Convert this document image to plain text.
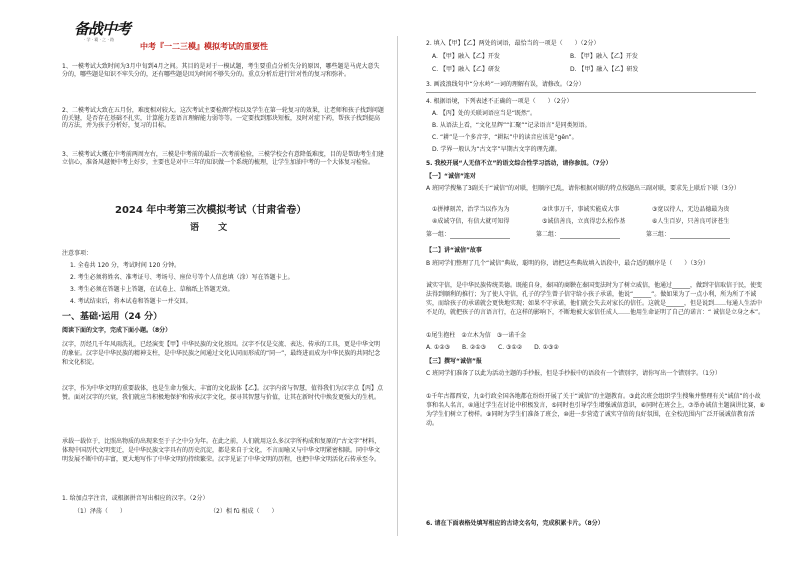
备战中考
· 学 · 霸 · 之 · 路
中考『一二三模』模拟考试的重要性
1、一模考试大致时间为3月中旬到4月之间。其目的是对于一模试题，考生要重点分析失分的原因，哪些题是马虎大意失分的，哪些题是知识不牢失分的，还有哪些题是因为时间不够失分的。重点分析后进行针对性的复习和弥补。
2、二模考试大致在五月份，难度相对较大。这次考试主要检测学校以及学生在第一轮复习的效果，让老师和孩子找到问题的关键，是否存在基础不扎实，计算能力差语言理解能力弱等等。一定要找到那块短板，及时对症下药，帮孩子找到提高的方法，并为孩子分析好，复习的目标。
3、三模考试大概在中考前两周左右，三模是中考前的最后一次考前检验，三模学校会有意降低难度，目的是帮助考生们建立信心，准备风越便中考上好步，主要也是对中三年的知识做一个系统的梳理，让学生加油中考的一个大体复习检验。
2024 年中考第三次模拟考试（甘肃省卷）
语 文
注意事项：
1. 全卷共 120 分，考试时间 120 分钟。
2. 考生必须将姓名、准考证号、考场号、座位号等个人信息填（涂）写在答题卡上。
3. 考生必须在答题卡上答题，在试卷上、草稿纸上答题无效。
4. 考试结束后，将本试卷和答题卡一并交回。
一、基础·运用（24 分）
阅读下面的文字，完成下面小题。（8分）
汉字，历经几千年风雨洗礼，已经演变【甲】中华民族的文化基因。汉字不仅是交流、表达、传承的工具，更是中华文明的象征。汉字是中华民族的精神支柱，是中华民族之间通过文化认同而形成的“同一”，最终进而成为中华民族的共同纪念和文化积淀。
汉字，作为中华文明的重要载体，也是生命力强大、丰富的文化载体【乙】。汉字内省与智慧，值得我们为汉字点【丙】点赞。面对汉字的兴衰，我们就应当积极地保护和传承汉字文化，探寻其智慧与价值，让其在新时代中焕发更强大的生机。
承载一载位于，比照出物质的出现来至于子之中分为年。在此之前，人们就用这么多汉字所构成和复原的“古文字”材料，体现中国历代文明变迁，是中华民族文字具有的历史沉淀，都是来自于文化，不言而喻又与中华文明紧密相联。同中华文明发展不断中的丰富，更大地写作了中华文明的持续繁荣。汉字见证了中华文明的历程，也把中华文明活化石传承至今。
1. 给加点字注音，或根据拼音写出相应的汉字。（2分）
（1）泽荡（　　）	（2）相 fū 相成（　　）
2. 填入【甲】【乙】两处的词语，最恰当的一项是（　　）（2分）
A. 【甲】融入【乙】开发	B. 【甲】融入【乙】开发
C. 【甲】融入【乙】研发	D. 【甲】融入【乙】研发
3. 画波浪线句中“分水岭”一词的理解有误，请修改。（2分）
4. 根据语境，下列表述不正确的一项是（　　）（2分）
A. 【丙】处的关联词语应当是“既然”。
B. 从语法上看，“文化星辉”“汇聚”“记录语言”是同类短语。
C. “耕”是一个多音字，“耕耘”中的读音应该是“gēn”。
D. 学界一般认为“古文字”早期古文字的理先潮。
5. 我校开展“人无信不立”的语文综合性学习活动，请你参加。（7分）
【一】“诚信”连对
A 班同学搜集了3副关于“诚信”的对联，但顺序已乱，请你根据对联的特点按题出三副对联，要求先上联后下联（3分）
①拼搏刻苦，治学当以作为为	②世事万千，事诚实能成大事	③宽以待人，无边品德最为贵
④成诚守信，有信大就可知得	⑤诚信善良，立真得忠么松作基	⑥人生百岁，只善良可济苍生
第一组：	第二组：	第三组：
【二】讲“诚信”故事
B 班同学们整理了几个“诚信”典故，聪明的你，请把这些典故填入语段中，最合适的顺序是（　　）（3分）
诚实守信，是中华民族传统美德。既能自身，秦国的商鞅在秦国变法时为了树立威信，他通过______，做到守信取信于民，使变法得到顺利的推行；为了使人守信，孔子的学生曾子信守给小孩子承诺，他说“______”。做如果为了一点小利，所为所了不诚实，而给孩子的承诺就会更快地实现；如果不守承诺，他们就会失去对家长的信任。这就是______，但是说到……每通人生活中不足的，就把孩子的言语言行，在这样的影响下，不断地被大家信任成人……他用生命证明了自己的诺言：“ 诚信是立身之本”。
①尾生抱柱　②立木为信　③一诺千金
A. ①②③　　B. ②①③　　C. ③①②　　D. ①③②
【三】撰写“诚信”报
C 班同学们准备了以此为活动主题的手抄报，但是手抄报中的语段有一个错别字，请你写出一个错别字。（1分）
①千年古都西安，九②行政全国各地都在纷纷开展了关于“诚信”的主题教育。③此次班会组织学生搜集并整理有关“诚信”的小故事和名人名言，④通过学生在讨论中积极发言，⑤同时也引导学生增强诚信意识，⑥同时在班会上，⑦举办诚信主题演讲比赛，⑧为学生们树立了榜样。⑨同时为学生们准备了班会，⑩进一步营造了诚实守信的良好氛围，在全校范围内广泛开展诚信教育活动。
6. 请在下面表格处填写相应的古诗文名句，完成积累卡片。（8分）
